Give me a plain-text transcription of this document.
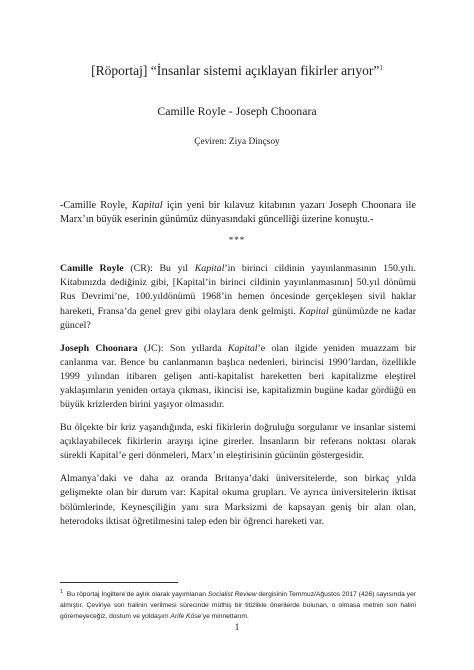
[Röportaj] “İnsanlar sistemi açıklayan fikirler arıyor”$^1$
Camille Royle - Joseph Choonara
Çeviren: Ziya Dinçsoy
-Camille Royle, Kapital için yeni bir kılavuz kitabının yazarı Joseph Choonara ile Marx’ın büyük eserinin günümüz dünyasındaki güncelliği üzerine konuştu.-
***

Camille Royle (CR): Bu yıl Kapital’in birinci cildinin yayınlanmasının 150.yılı. Kitabınızda dediğiniz gibi, [Kapital’in birinci cildinin yayınlanmasının] 50.yıl dönümü Rus Devrimi’ne, 100.yıldönümü 1968’in hemen öncesinde gerçekleşen sivil haklar hareketi, Fransa’da genel grev gibi olaylara denk gelmişti. Kapital günümüzde ne kadar güncel?

Joseph Choonara (JC): Son yıllarda Kapital’e olan ilgide yeniden muazzam bir canlanma var. Bence bu canlanmanın başlıca nedenleri, birincisi 1990’lardan, özellikle 1999 yılından itibaren gelişen anti-kapitalist hareketten beri kapitalizme eleştirel yaklaşımların yeniden ortaya çıkması, ikincisi ise, kapitalizmin bugüne kadar gördüğü en büyük krizlerden birini yaşıyor olmasıdır.

Bu ölçekte bir kriz yaşandığında, eski fikirlerin doğruluğu sorgulanır ve insanlar sistemi açıklayabilecek fikirlerin arayışı içine girerler. İnsanların bir referans noktası olarak sürekli Kapital’e geri dönmeleri, Marx’ın eleştirisinin gücünün göstergesidir.

Almanya’daki ve daha az oranda Britanya’daki üniversitelerde, son birkaç yılda gelişmekte olan bir durum var: Kapital okuma grupları. Ve ayrıca üniversitelerin iktisat bölümlerinde, Keynesçiliğin yanı sıra Marksizmi de kapsayan geniş bir alan olan, heterodoks iktisat öğretilmesini talep eden bir öğrenci hareketi var.

$^1$ Bu röportaj İngiltere’de aylık olarak yayımlanan Socialist Review dergisinin Temmuz/Ağustos 2017 (426) sayısında yer almıştır. Çeviriye son halinin verilmesi sürecinde müthiş bir titizlikle önerilerde bulunan, o olmasa metnin son halini göremeyeceğiz, dostum ve yoldaşım Arife Köse’ye minnettarım.
1
